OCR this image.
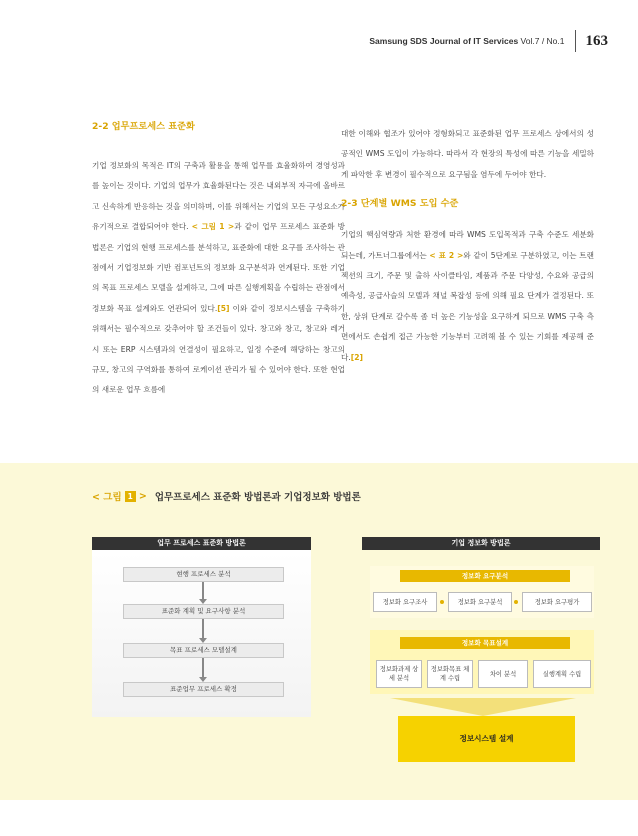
Samsung SDS Journal of IT Services Vol.7 / No.1 163
2-2 업무프로세스 표준화

기업 정보화의 목적은 IT의 구축과 활용을 통해 업무를 효율화하여 경영성과를 높이는 것이다. 기업의 업무가 효율화된다는 것은 내외부적 자극에 올바르고 신속하게 반응하는 것을 의미하며, 이를 위해서는 기업의 모든 구성요소가 유기적으로 결합되어야 한다. < 그림 1 >과 같이 업무 프로세스 표준화 방법론은 기업의 현행 프로세스를 분석하고, 표준화에 대한 요구를 조사하는 관점에서 기업정보화 기반 컴포넌트의 정보화 요구분석과 연계된다. 또한 기업의 목표 프로세스 모델을 설계하고, 그에 따른 실행계획을 수립하는 관점에서 정보화 목표 설계와도 연관되어 있다.[5] 이와 같이 정보시스템을 구축하기 위해서는 필수적으로 갖추어야 할 조건들이 있다. 창고와 창고, 창고와 레거시 또는 ERP 시스템과의 연결성이 필요하고, 일정 수준에 해당하는 창고의 규모, 창고의 구역화를 통하여 로케이션 관리가 될 수 있어야 한다. 또한 현업의 새로운 업무 흐름에

대한 이해와 협조가 있어야 정형화되고 표준화된 업무 프로세스 상에서의 성공적인 WMS 도입이 가능하다. 따라서 각 현장의 특성에 따른 기능을 세밀하게 파악한 후 변경이 필수적으로 요구됨을 염두에 두어야 한다.

2-3 단계별 WMS 도입 수준

기업의 핵심역량과 처한 환경에 따라 WMS 도입목적과 구축 수준도 세분화 되는데, 가트너그룹에서는 < 표 2 >와 같이 5단계로 구분하였고, 이는 트랜젝션의 크기, 주문 및 출하 사이클타임, 제품과 주문 다양성, 수요와 공급의 예측성, 공급사슬의 모델과 채널 복잡성 등에 의해 필요 단계가 결정된다. 또한, 상위 단계로 갈수록 좀 더 높은 기능성을 요구하게 되므로 WMS 구축 측면에서도 손쉽게 접근 가능한 기능부터 고려해 볼 수 있는 기회를 제공해 준다.[2]

< 그림 1 > 업무프로세스 표준화 방법론과 기업정보화 방법론
업무 프로세스 표준화 방법론
현행 프로세스 분석
표준화 계획 및 요구사항 분석
목표 프로세스 모델설계
표준업무 프로세스 확정
기업 정보화 방법론
정보화 요구분석
정보화 요구조사	정보화 요구분석	정보화 요구평가
정보화 목표설계
정보화과제 상세 분석
정보화목표 체계 수립
차이 분석	실행계획 수립
정보시스템 설계
